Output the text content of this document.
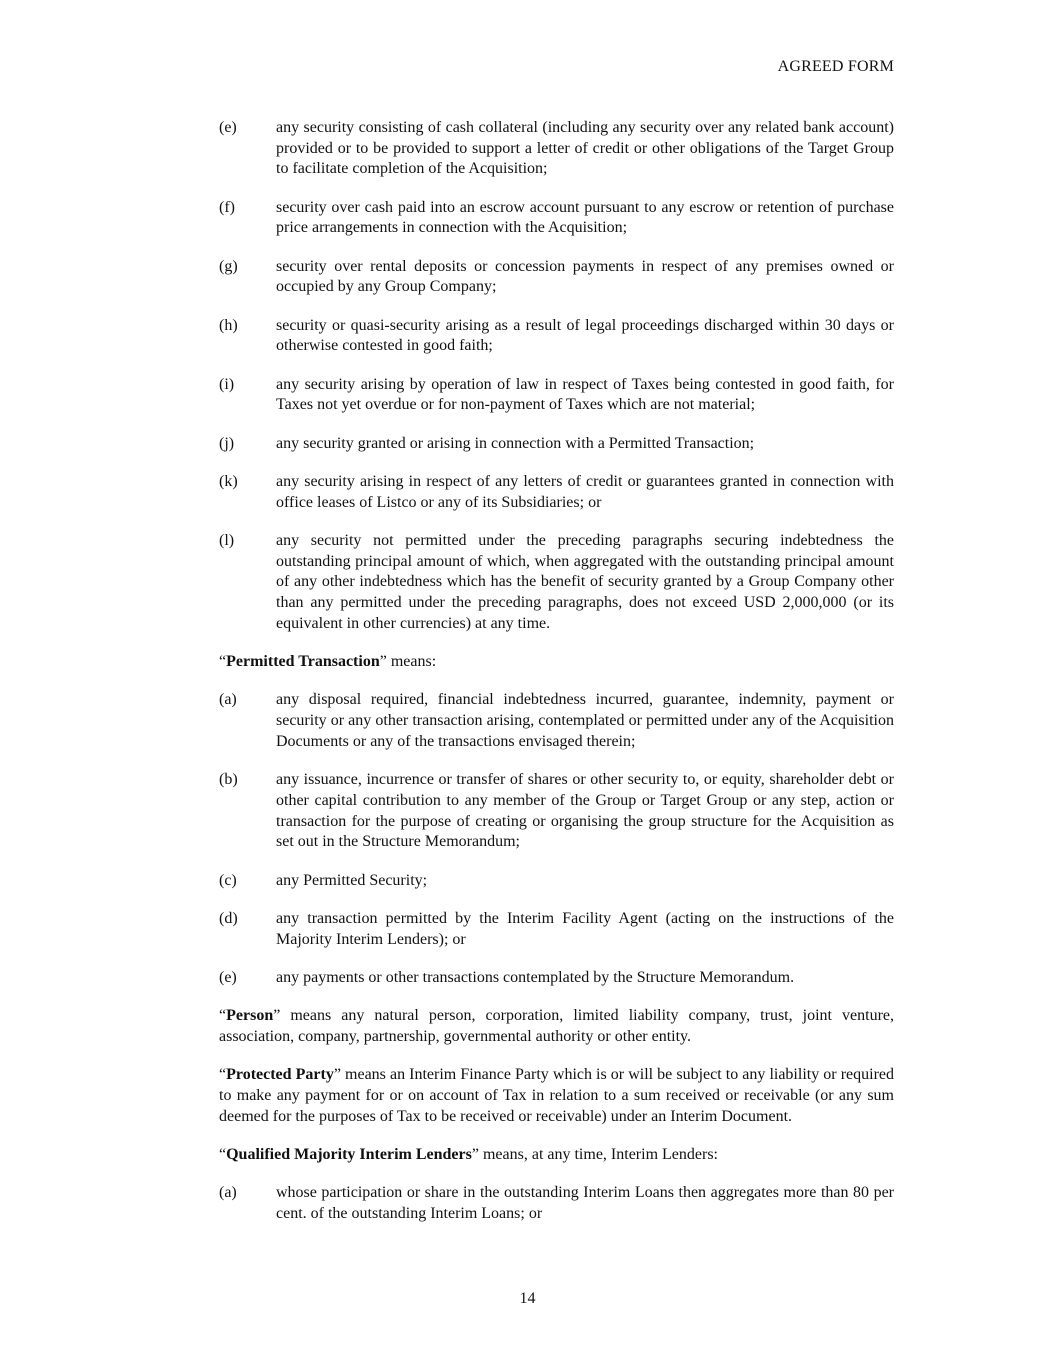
AGREED FORM
(e)	any security consisting of cash collateral (including any security over any related bank account) provided or to be provided to support a letter of credit or other obligations of the Target Group to facilitate completion of the Acquisition;
(f)	security over cash paid into an escrow account pursuant to any escrow or retention of purchase price arrangements in connection with the Acquisition;
(g)	security over rental deposits or concession payments in respect of any premises owned or occupied by any Group Company;
(h)	security or quasi-security arising as a result of legal proceedings discharged within 30 days or otherwise contested in good faith;
(i)	any security arising by operation of law in respect of Taxes being contested in good faith, for Taxes not yet overdue or for non-payment of Taxes which are not material;
(j)	any security granted or arising in connection with a Permitted Transaction;
(k)	any security arising in respect of any letters of credit or guarantees granted in connection with office leases of Listco or any of its Subsidiaries; or
(l)	any security not permitted under the preceding paragraphs securing indebtedness the outstanding principal amount of which, when aggregated with the outstanding principal amount of any other indebtedness which has the benefit of security granted by a Group Company other than any permitted under the preceding paragraphs, does not exceed USD 2,000,000 (or its equivalent in other currencies) at any time.
“Permitted Transaction” means:
(a)	any disposal required, financial indebtedness incurred, guarantee, indemnity, payment or security or any other transaction arising, contemplated or permitted under any of the Acquisition Documents or any of the transactions envisaged therein;
(b)	any issuance, incurrence or transfer of shares or other security to, or equity, shareholder debt or other capital contribution to any member of the Group or Target Group or any step, action or transaction for the purpose of creating or organising the group structure for the Acquisition as set out in the Structure Memorandum;
(c)	any Permitted Security;
(d)	any transaction permitted by the Interim Facility Agent (acting on the instructions of the Majority Interim Lenders); or
(e)	any payments or other transactions contemplated by the Structure Memorandum.
“Person” means any natural person, corporation, limited liability company, trust, joint venture, association, company, partnership, governmental authority or other entity.
“Protected Party” means an Interim Finance Party which is or will be subject to any liability or required to make any payment for or on account of Tax in relation to a sum received or receivable (or any sum deemed for the purposes of Tax to be received or receivable) under an Interim Document.
“Qualified Majority Interim Lenders” means, at any time, Interim Lenders:
(a)	whose participation or share in the outstanding Interim Loans then aggregates more than 80 per cent. of the outstanding Interim Loans; or
14
